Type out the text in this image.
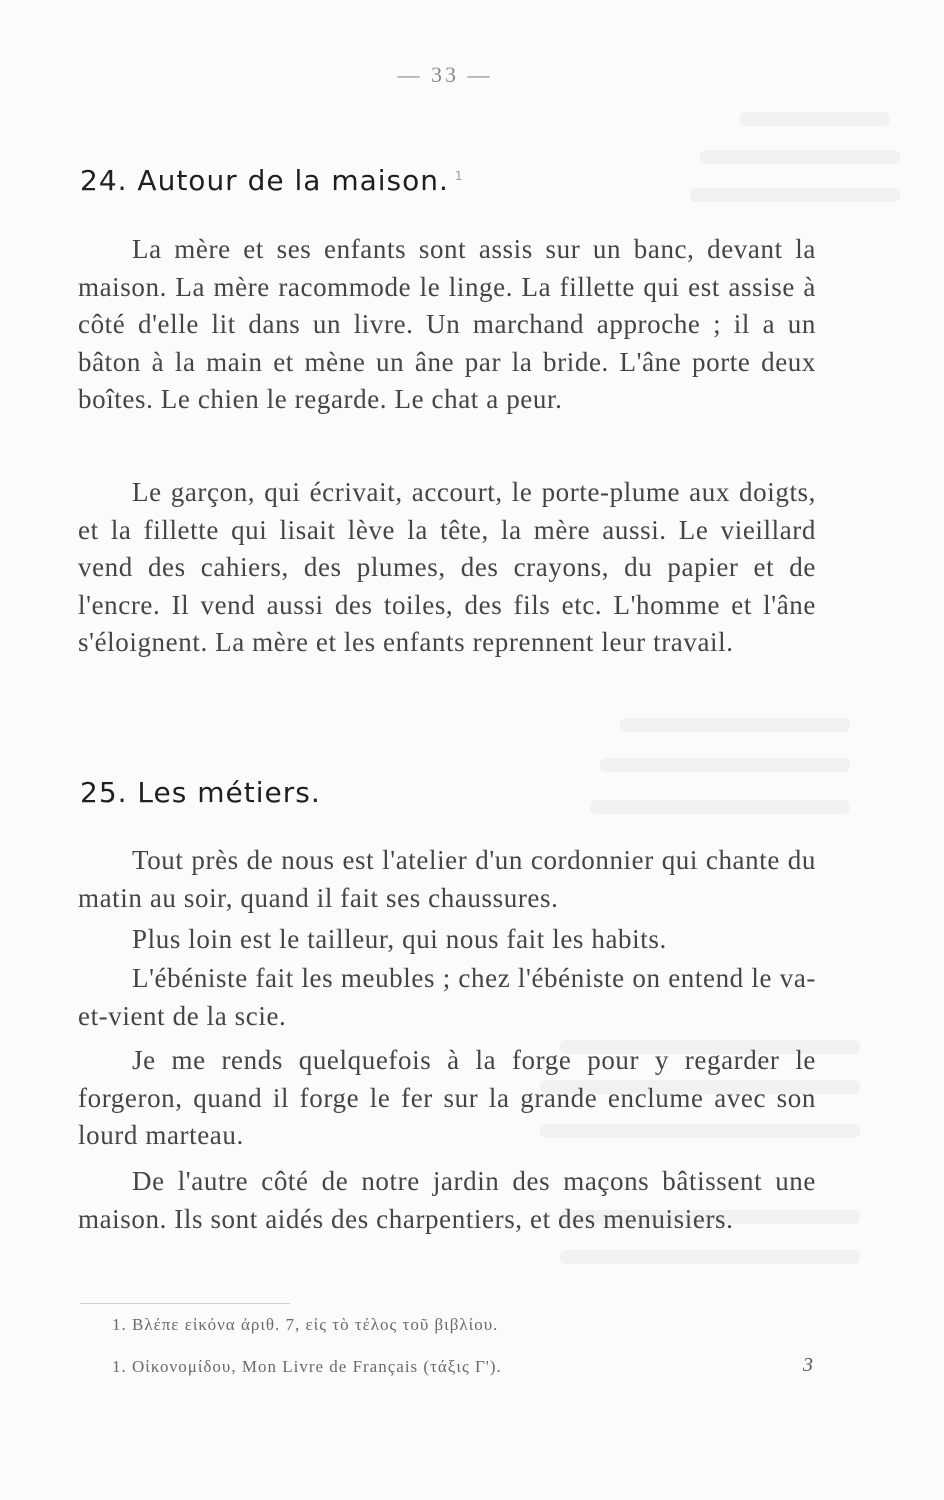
— 33 —
24. Autour de la maison. $^1$

La mère et ses enfants sont assis sur un banc, devant la maison. La mère racommode le linge. La fillette qui est assise à côté d'elle lit dans un livre. Un marchand approche ; il a un bâton à la main et mène un âne par la bride. L'âne porte deux boîtes. Le chien le regarde. Le chat a peur.

Le garçon, qui écrivait, accourt, le porte-plume aux doigts, et la fillette qui lisait lève la tête, la mère aussi. Le vieillard vend des cahiers, des plumes, des crayons, du papier et de l'encre. Il vend aussi des toiles, des fils etc. L'homme et l'âne s'éloignent. La mère et les enfants reprennent leur travail.

25. Les métiers.

Tout près de nous est l'atelier d'un cordonnier qui chante du matin au soir, quand il fait ses chaussures.

Plus loin est le tailleur, qui nous fait les habits.

L'ébéniste fait les meubles ; chez l'ébéniste on entend le va-et-vient de la scie.

Je me rends quelquefois à la forge pour y regarder le forgeron, quand il forge le fer sur la grande enclume avec son lourd marteau.

De l'autre côté de notre jardin des maçons bâtissent une maison. Ils sont aidés des charpentiers, et des menuisiers.

1. Βλέπε εἰκόνα ἀριθ. 7, εἰς τὸ τέλος τοῦ βιβλίου.
1. Οἰκονομίδου, Mon Livre de Français (τάξις Γ').	3
